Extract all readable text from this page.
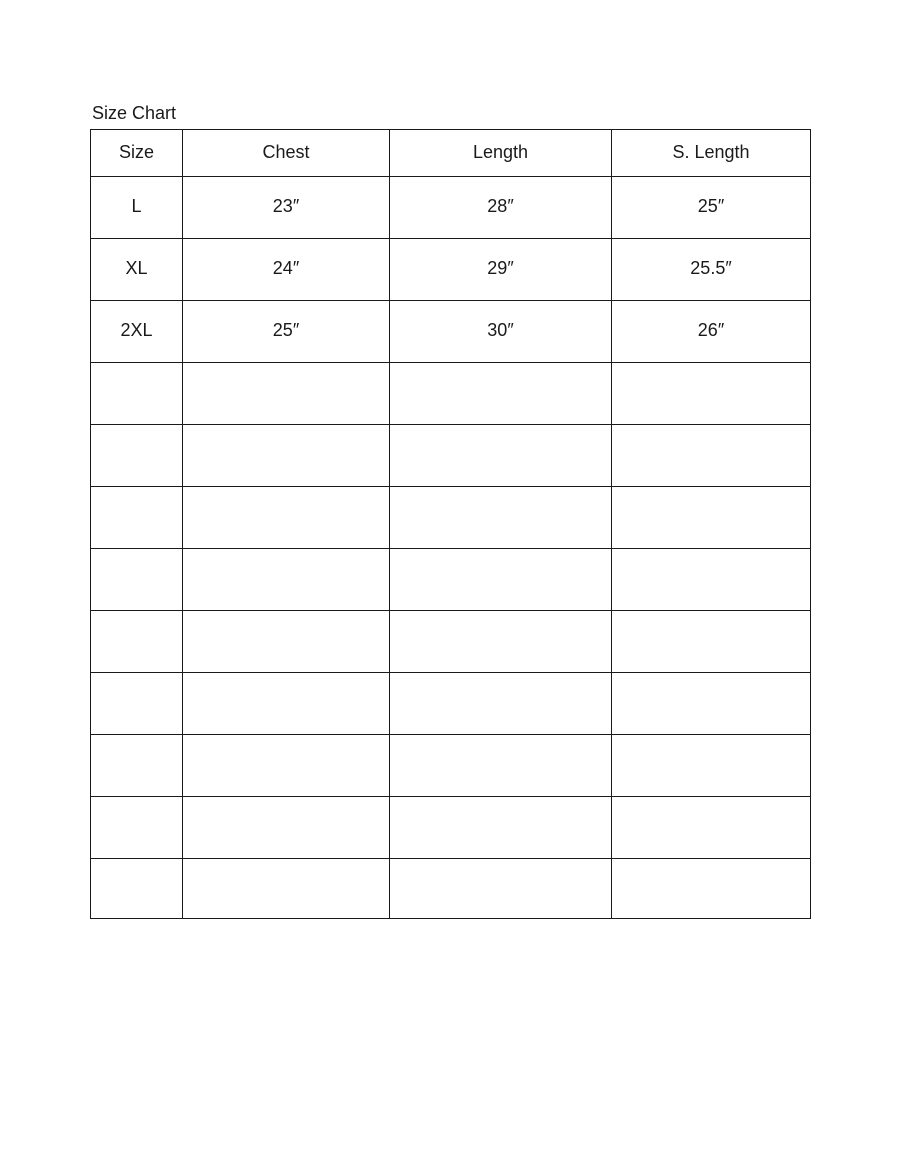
Size Chart
Size	Chest	Length	S. Length
L	23″	28″	25″
XL	24″	29″	25.5″
2XL	25″	30″	26″
